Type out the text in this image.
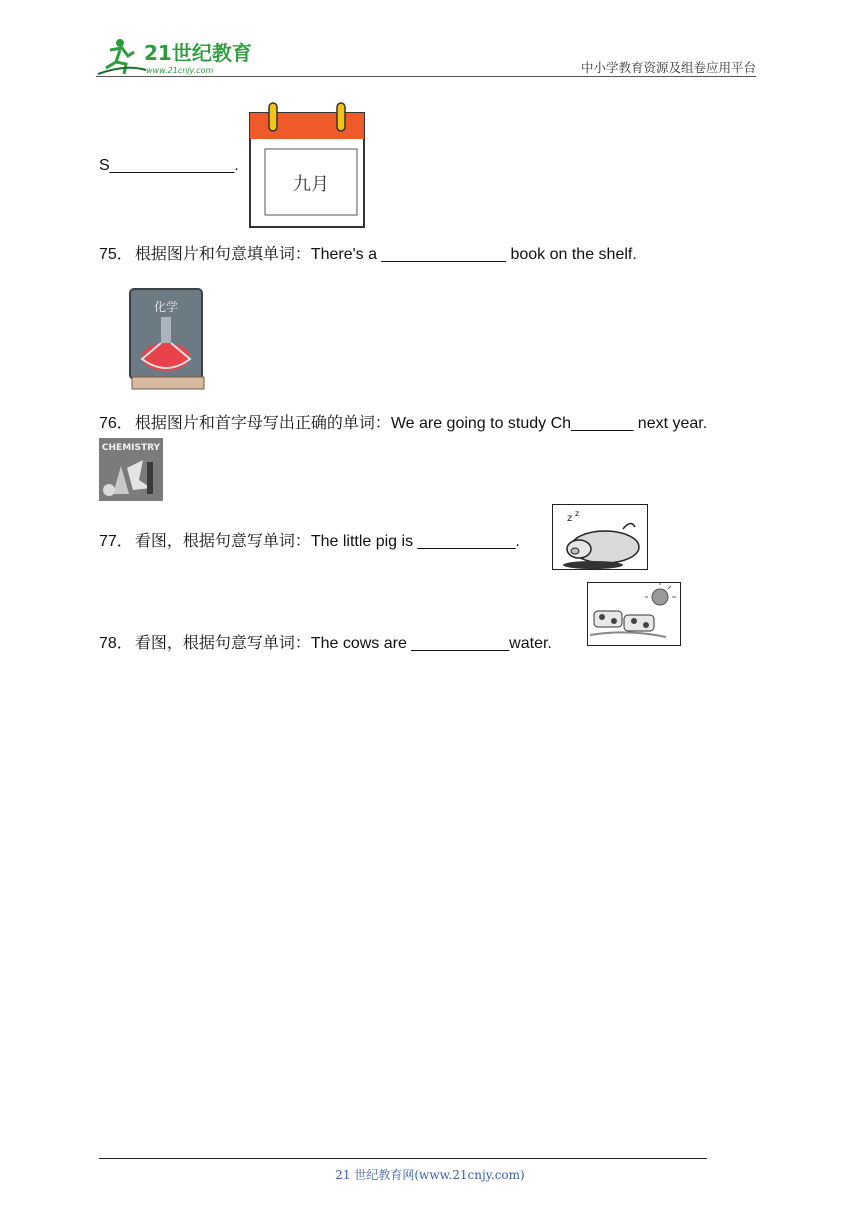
21世纪教育
www.21cnjy.com	中小学教育资源及组卷应用平台
S______________.
九月
75． 根据图片和句意填单词：There's a ______________ book on the shelf.
化学
76． 根据图片和首字母写出正确的单词：We are going to study Ch_______ next year.
CHEMISTRY
77． 看图，根据句意写单词：The little pig is ___________.
z z
78． 看图，根据句意写单词：The cows are ___________water.
21 世纪教育网(www.21cnjy.com)
